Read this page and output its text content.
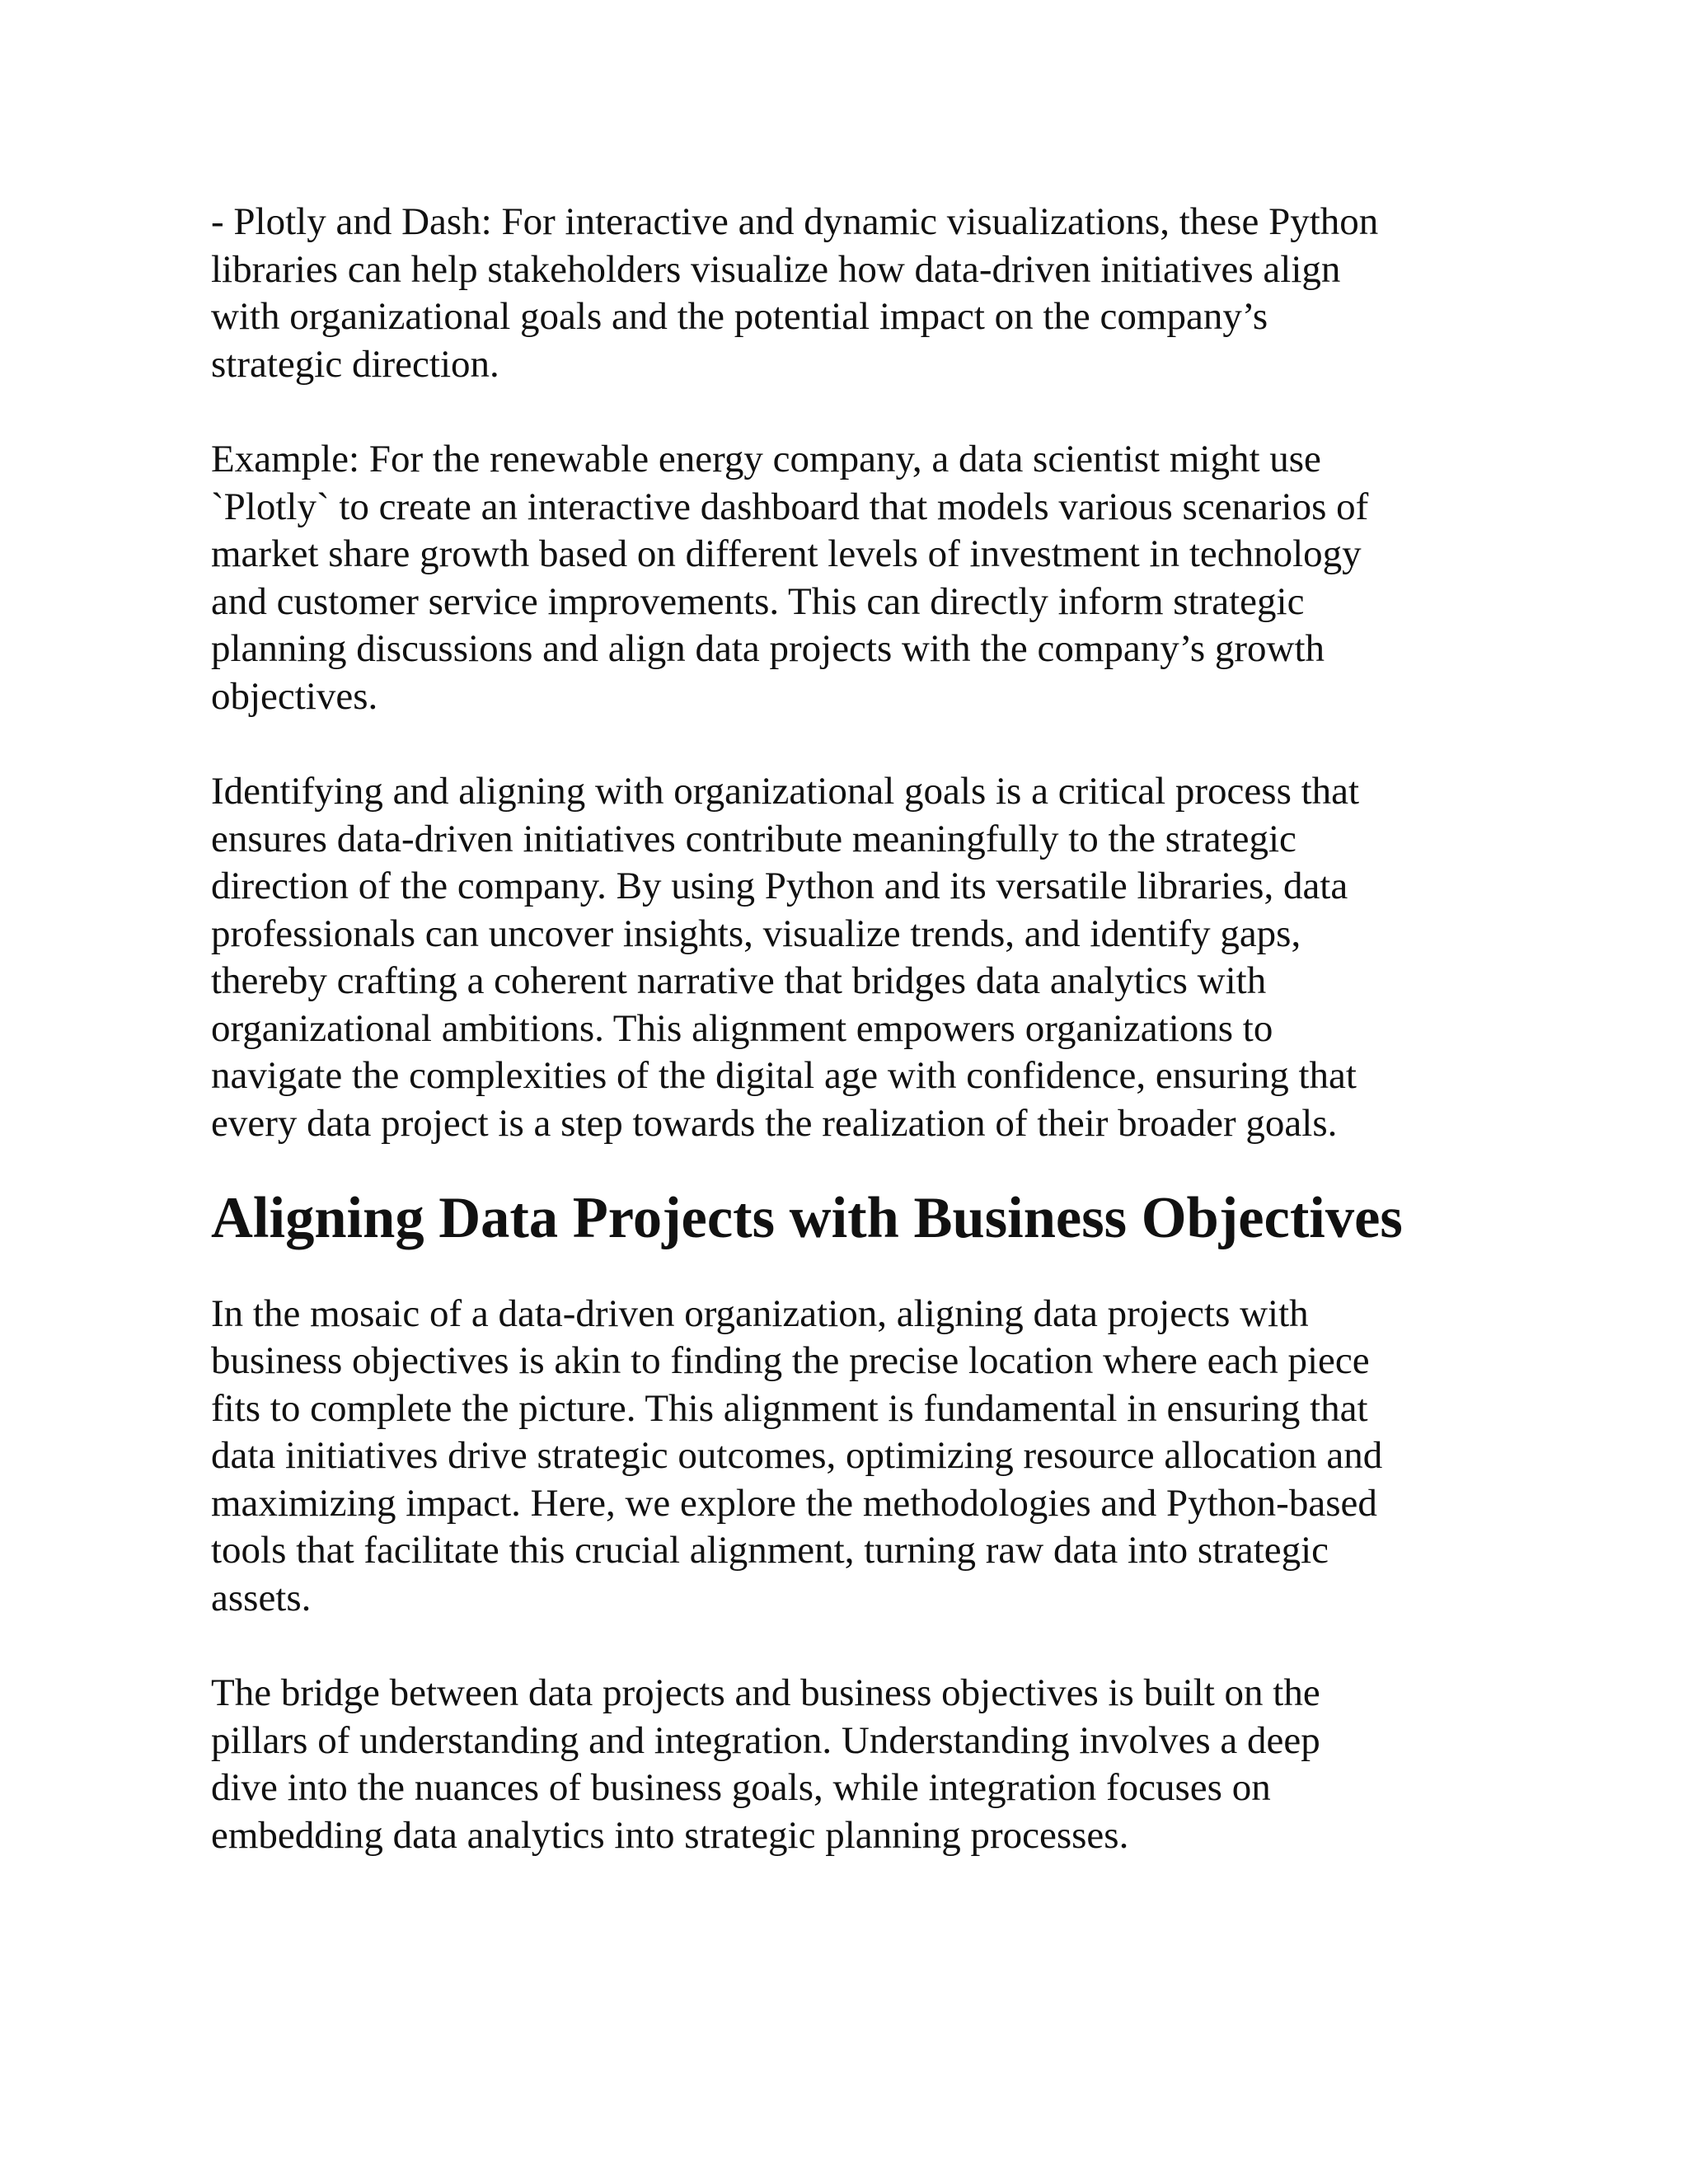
- Plotly and Dash: For interactive and dynamic visualizations, these Python
libraries can help stakeholders visualize how data-driven initiatives align
with organizational goals and the potential impact on the company’s
strategic direction.

Example: For the renewable energy company, a data scientist might use
`Plotly` to create an interactive dashboard that models various scenarios of
market share growth based on different levels of investment in technology
and customer service improvements. This can directly inform strategic
planning discussions and align data projects with the company’s growth
objectives.

Identifying and aligning with organizational goals is a critical process that
ensures data-driven initiatives contribute meaningfully to the strategic
direction of the company. By using Python and its versatile libraries, data
professionals can uncover insights, visualize trends, and identify gaps,
thereby crafting a coherent narrative that bridges data analytics with
organizational ambitions. This alignment empowers organizations to
navigate the complexities of the digital age with confidence, ensuring that
every data project is a step towards the realization of their broader goals.

Aligning Data Projects with Business Objectives

In the mosaic of a data-driven organization, aligning data projects with
business objectives is akin to finding the precise location where each piece
fits to complete the picture. This alignment is fundamental in ensuring that
data initiatives drive strategic outcomes, optimizing resource allocation and
maximizing impact. Here, we explore the methodologies and Python-based
tools that facilitate this crucial alignment, turning raw data into strategic
assets.

The bridge between data projects and business objectives is built on the
pillars of understanding and integration. Understanding involves a deep
dive into the nuances of business goals, while integration focuses on
embedding data analytics into strategic planning processes.
